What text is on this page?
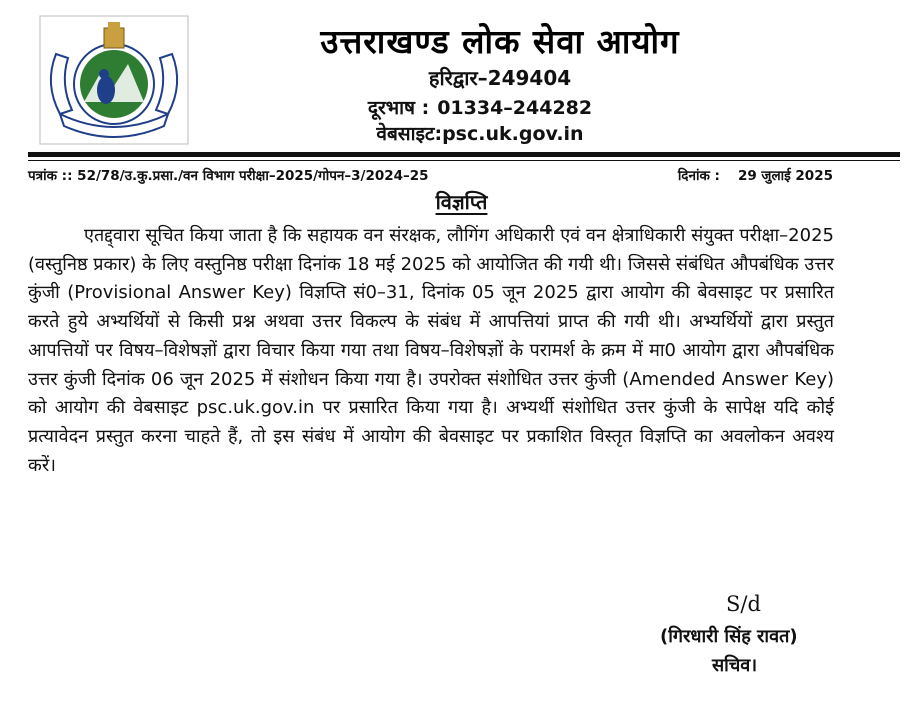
उत्तराखण्ड लोक सेवा आयोग
हरिद्वार–249404
दूरभाष : 01334–244282
वेबसाइट:psc.uk.gov.in
पत्रांक :: 52/78/उ.कु.प्रसा./वन विभाग परीक्षा–2025/गोपन–3/2024–25	दिनांक : 29 जुलाई 2025
विज्ञप्ति

एतद्द्वारा सूचित किया जाता है कि सहायक वन संरक्षक, लौगिंग अधिकारी एवं वन क्षेत्राधिकारी संयुक्त परीक्षा–2025 (वस्तुनिष्ठ प्रकार) के लिए वस्तुनिष्ठ परीक्षा दिनांक 18 मई 2025 को आयोजित की गयी थी। जिससे संबंधित औपबंधिक उत्तर कुंजी (Provisional Answer Key) विज्ञप्ति सं0–31, दिनांक 05 जून 2025 द्वारा आयोग की बेवसाइट पर प्रसारित करते हुये अभ्यर्थियों से किसी प्रश्न अथवा उत्तर विकल्प के संबंध में आपत्तियां प्राप्त की गयी थी। अभ्यर्थियों द्वारा प्रस्तुत आपत्तियों पर विषय–विशेषज्ञों द्वारा विचार किया गया तथा विषय–विशेषज्ञों के परामर्श के क्रम में मा0 आयोग द्वारा औपबंधिक उत्तर कुंजी दिनांक 06 जून 2025 में संशोधन किया गया है। उपरोक्त संशोधित उत्तर कुंजी (Amended Answer Key) को आयोग की वेबसाइट psc.uk.gov.in पर प्रसारित किया गया है। अभ्यर्थी संशोधित उत्तर कुंजी के सापेक्ष यदि कोई प्रत्यावेदन प्रस्तुत करना चाहते हैं, तो इस संबंध में आयोग की बेवसाइट पर प्रकाशित विस्तृत विज्ञप्ति का अवलोकन अवश्य करें।

S/d
(गिरधारी सिंह रावत)
सचिव।
